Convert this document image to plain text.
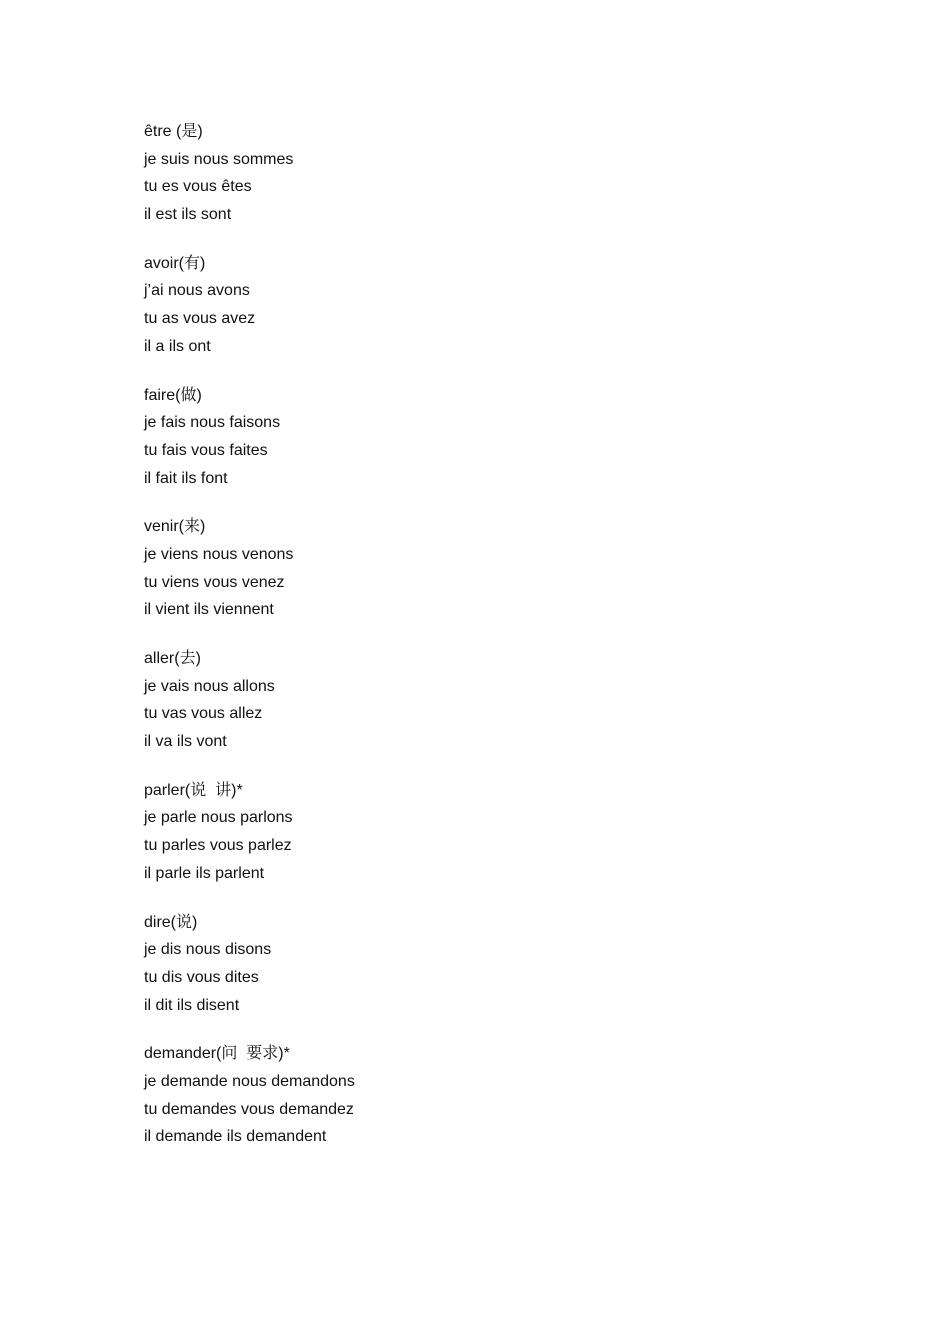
être (是)
je suis nous sommes
tu es vous êtes
il est ils sont
avoir(有)
j’ai nous avons
tu as vous avez
il a ils ont
faire(做)
je fais nous faisons
tu fais vous faites
il fait ils font
venir(来)
je viens nous venons
tu viens vous venez
il vient ils viennent
aller(去)
je vais nous allons
tu vas vous allez
il va ils vont
parler(说  讲)*
je parle nous parlons
tu parles vous parlez
il parle ils parlent
dire(说)
je dis nous disons
tu dis vous dites
il dit ils disent
demander(问  要求)*
je demande nous demandons
tu demandes vous demandez
il demande ils demandent
